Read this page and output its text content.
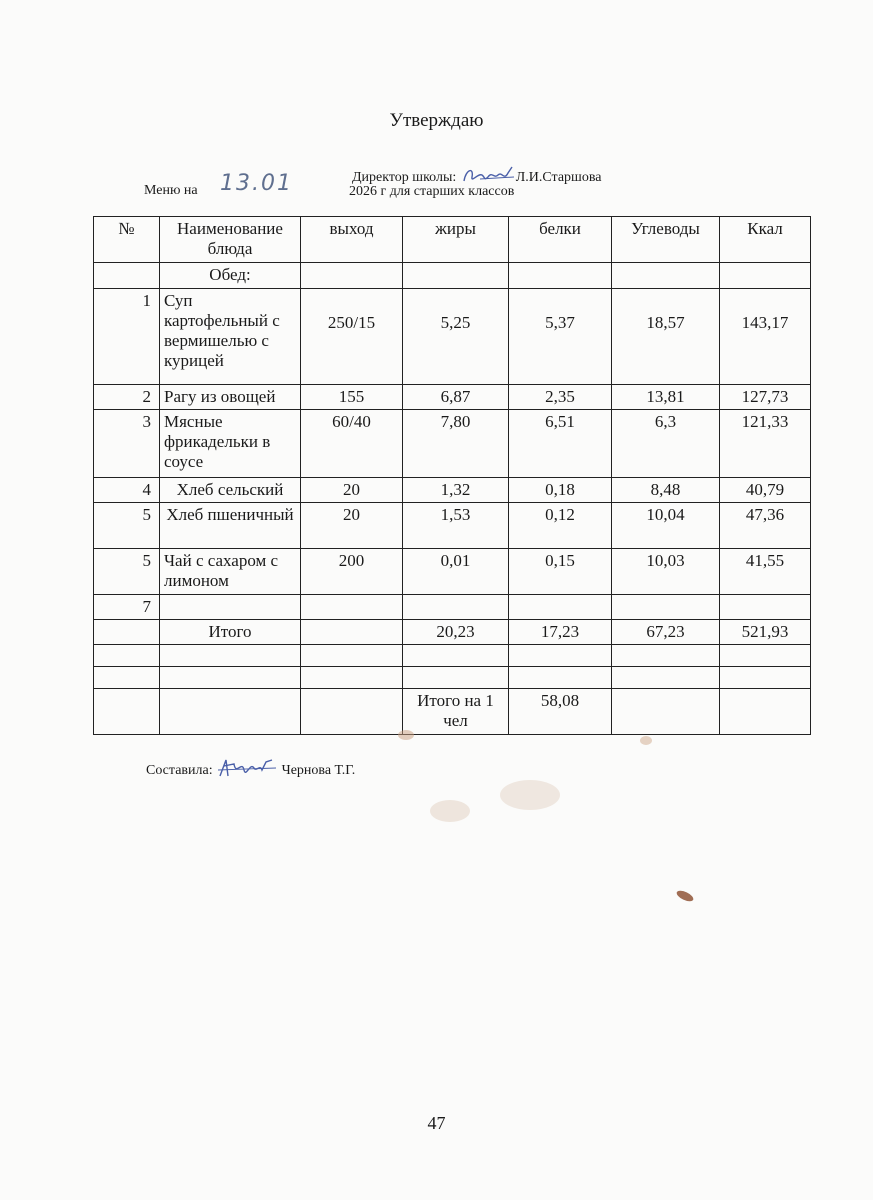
Утверждаю
Директор школы:	Л.И.Старшова
Меню на 13.01	2026 г для старших классов
№	Наименование блюда	выход	жиры	белки	Углеводы	Ккал
	Обед:					
1	Суп картофельный с вермишелью с курицей	250/15	5,25	5,37	18,57	143,17
2	Рагу из овощей	155	6,87	2,35	13,81	127,73
3	Мясные фрикадельки в соусе	60/40	7,80	6,51	6,3	121,33
4	Хлеб сельский	20	1,32	0,18	8,48	40,79
5	Хлеб пшеничный	20	1,53	0,12	10,04	47,36
5	Чай с сахаром с лимоном	200	0,01	0,15	10,03	41,55
7						
	Итого		20,23	17,23	67,23	521,93

			Итого на 1 чел	58,08		
Составила:	Чернова Т.Г.
47
